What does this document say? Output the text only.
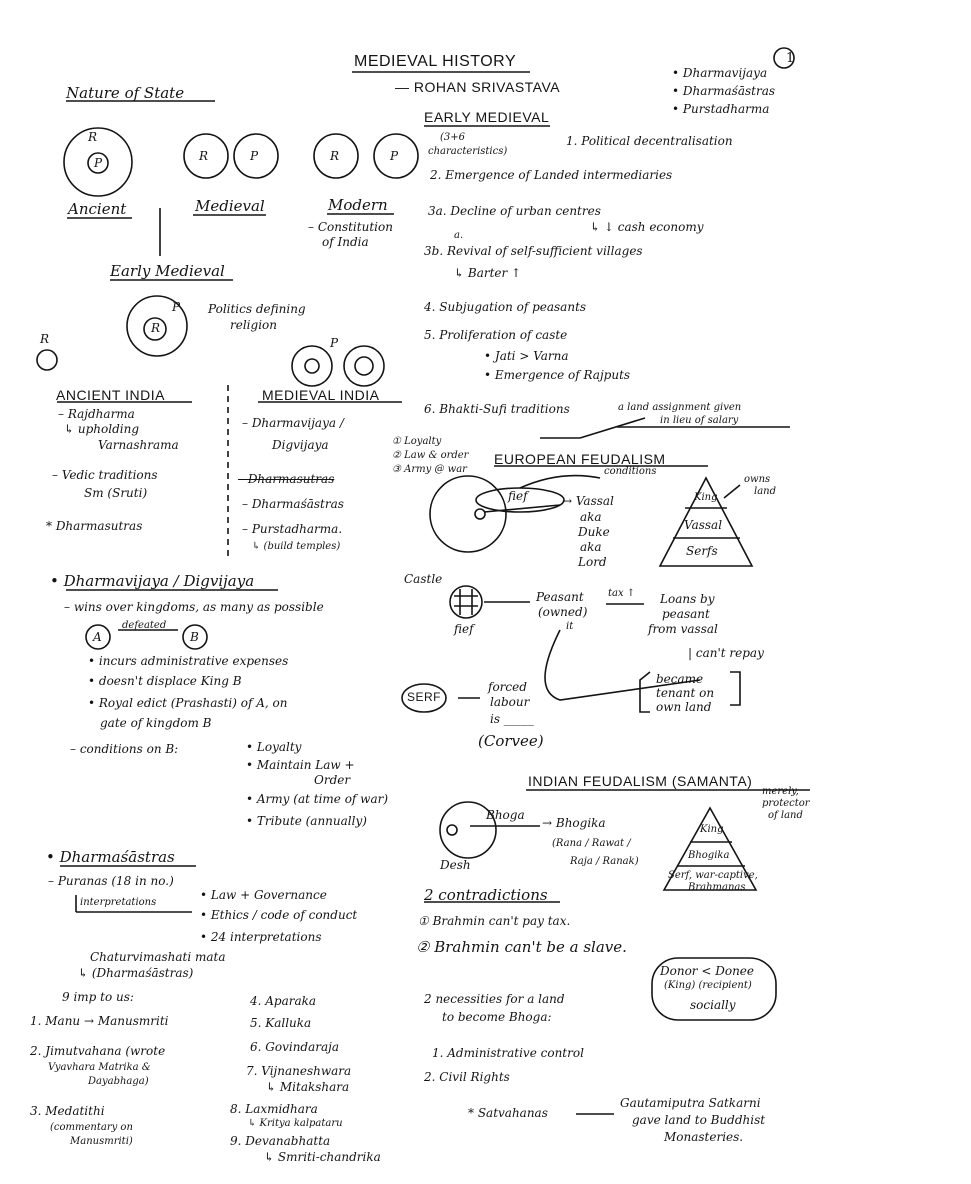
1
MEDIEVAL HISTORY
— ROHAN SRIVASTAVA
• Dharmavijaya
• Dharmaśāstras
• Purstadharma
Nature of State
R
P	R	P	R	P
Ancient	Medieval	Modern
– Constitution
of India
Early Medieval
R
P Politics defining
religion
R	P
EARLY MEDIEVAL
(3+6
characteristics)
1. Political decentralisation
2. Emergence of Landed intermediaries
3a. Decline of urban centres
a.
↳ ↓ cash economy
3b. Revival of self-sufficient villages
↳ Barter ↑
4. Subjugation of peasants
5. Proliferation of caste
• Jati > Varna
• Emergence of Rajputs
6. Bhakti-Sufi traditions
ANCIENT INDIA
– Rajdharma
↳ upholding
Varnashrama
– Vedic traditions
Sm (Sruti)
* Dharmasutras
MEDIEVAL INDIA
– Dharmavijaya /
Digvijaya
– Dharmasutras
– Dharmaśāstras
– Purstadharma.
↳ (build temples)
① Loyalty
② Law & order
③ Army @ war
a land assignment given
in lieu of salary
EUROPEAN FEUDALISM
conditions
fief	→ Vassal
aka
Duke
aka
Lord
King
Vassal
Serfs
owns
land
Castle
fief
Peasant
(owned)
it
tax ↑ Loans by
peasant
from vassal
| can't repay
became
tenant on
own land
SERF
forced
labour
is _____
(Corvee)
• Dharmavijaya / Digvijaya
– wins over kingdoms, as many as possible
A
defeated
B
• incurs administrative expenses
• doesn't displace King B
• Royal edict (Prashasti) of A, on
gate of kingdom B
– conditions on B:	• Loyalty
• Maintain Law +
Order
• Army (at time of war)
• Tribute (annually)
INDIAN FEUDALISM (SAMANTA)
Bhoga
→ Bhogika
(Rana / Rawat /
Raja / Ranak)
Desh
King
Bhogika
Serf, war-captive,
Brahmanas
merely,
protector
of land
2 contradictions
① Brahmin can't pay tax.
② Brahmin can't be a slave.
Donor < Donee
(King) (recipient)
socially
2 necessities for a land
to become Bhoga:
1. Administrative control
2. Civil Rights
* Satvahanas
Gautamiputra Satkarni
gave land to Buddhist
Monasteries.
• Dharmaśāstras
– Puranas (18 in no.)
interpretations
• Law + Governance
• Ethics / code of conduct
• 24 interpretations
Chaturvimashati mata
↳ (Dharmaśāstras)
9 imp to us:
1. Manu → Manusmriti
2. Jimutvahana (wrote
Vyavhara Matrika &
Dayabhaga)
3. Medatithi
(commentary on
Manusmriti)
4. Aparaka
5. Kalluka
6. Govindaraja
7. Vijnaneshwara
↳ Mitakshara
8. Laxmidhara
↳ Kritya kalpataru
9. Devanabhatta
↳ Smriti-chandrika
